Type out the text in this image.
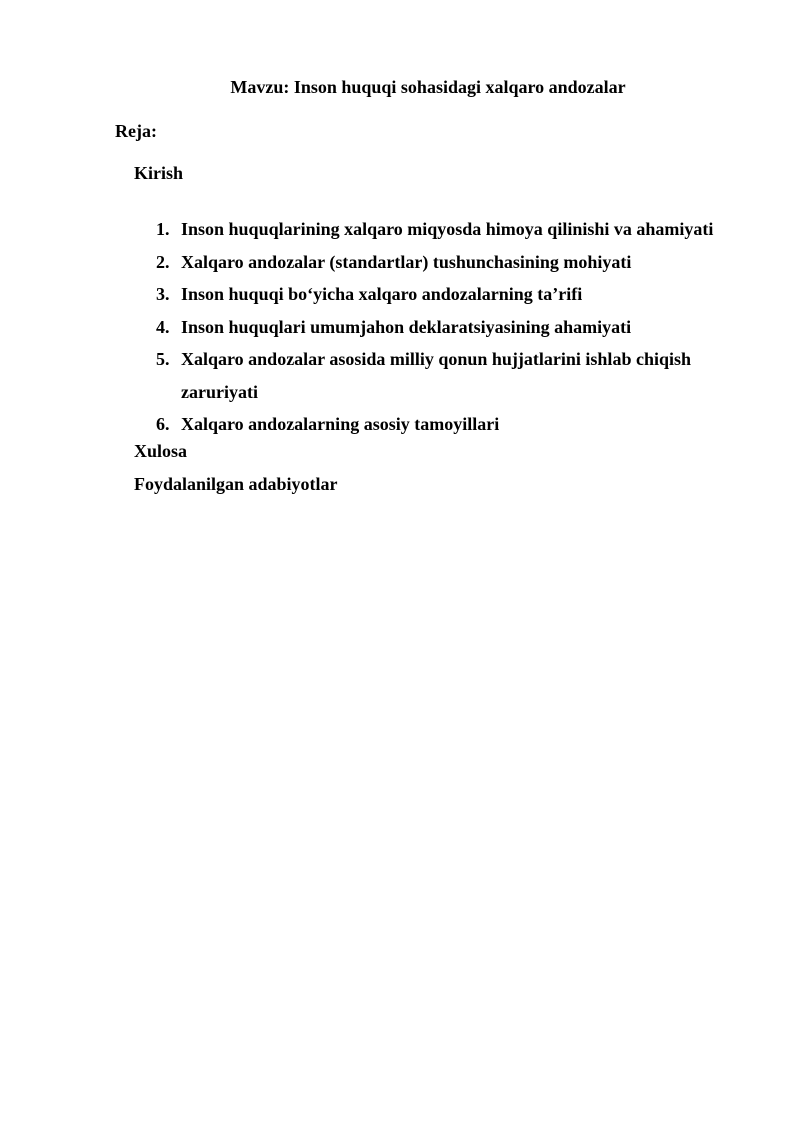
Mavzu: Inson huquqi sohasidagi xalqaro andozalar
Reja:
Kirish
1. Inson huquqlarining xalqaro miqyosda himoya qilinishi va ahamiyati
2. Xalqaro andozalar (standartlar) tushunchasining mohiyati
3. Inson huquqi bo‘yicha xalqaro andozalarning ta’rifi
4. Inson huquqlari umumjahon deklaratsiyasining ahamiyati
5. Xalqaro andozalar asosida milliy qonun hujjatlarini ishlab chiqish
zaruriyati
6. Xalqaro andozalarning asosiy tamoyillari
Xulosa
Foydalanilgan adabiyotlar
